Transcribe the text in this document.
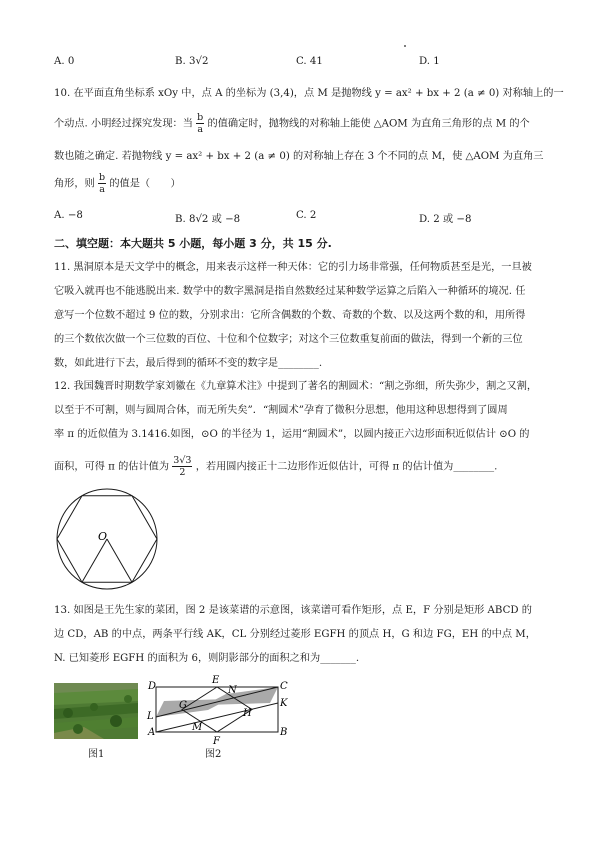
A. 0	B. 3√2	C. 41	D. 1
10. 在平面直角坐标系 xOy 中，点 A 的坐标为 (3,4)，点 M 是抛物线 y = ax² + bx + 2 (a ≠ 0) 对称轴上的一
个动点. 小明经过探究发现：当 $\frac{b}{a}$ 的值确定时，抛物线的对称轴上能使 △AOM 为直角三角形的点 M 的个
数也随之确定. 若抛物线 y = ax² + bx + 2 (a ≠ 0) 的对称轴上存在 3 个不同的点 M，使 △AOM 为直角三
角形，则 $\frac{b}{a}$ 的值是（　　）
A. −8	B. 8√2 或 −8	C. 2	D. 2 或 −8
二、填空题：本大题共 5 小题，每小题 3 分，共 15 分.
11. 黑洞原本是天文学中的概念，用来表示这样一种天体：它的引力场非常强，任何物质甚至是光，一旦被
它吸入就再也不能逃脱出来. 数学中的数字黑洞是指自然数经过某种数学运算之后陷入一种循环的境况. 任
意写一个位数不超过 9 位的数，分别求出：它所含偶数的个数、奇数的个数、以及这两个数的和，用所得
的三个数依次做一个三位数的百位、十位和个位数字；对这个三位数重复前面的做法，得到一个新的三位
数，如此进行下去，最后得到的循环不变的数字是________.
12. 我国魏晋时期数学家刘徽在《九章算术注》中提到了著名的割圆术：“割之弥细，所失弥少，割之又割，
以至于不可割，则与圆周合体，而无所失矣”．“割圆术”孕育了微积分思想，他用这种思想得到了圆周
率 π 的近似值为 3.1416.如图，⊙O 的半径为 1，运用“割圆术”，以圆内接正六边形面积近似估计 ⊙O 的
面积，可得 π 的估计值为 $\frac{3√3}{2}$ ，若用圆内接正十二边形作近似估计，可得 π 的估计值为________.
O
13. 如图是王先生家的菜团，图 2 是该菜谱的示意图，该菜谱可看作矩形，点 E，F 分别是矩形 ABCD 的
边 CD，AB 的中点，两条平行线 AK，CL 分别经过菱形 EGFH 的顶点 H，G 和边 FG，EH 的中点 M，
N. 已知菱形 EGFH 的面积为 6，则阴影部分的面积之和为_______.
图1
D
E
N	C
K
G
H
L
A	M
F
B
图2
